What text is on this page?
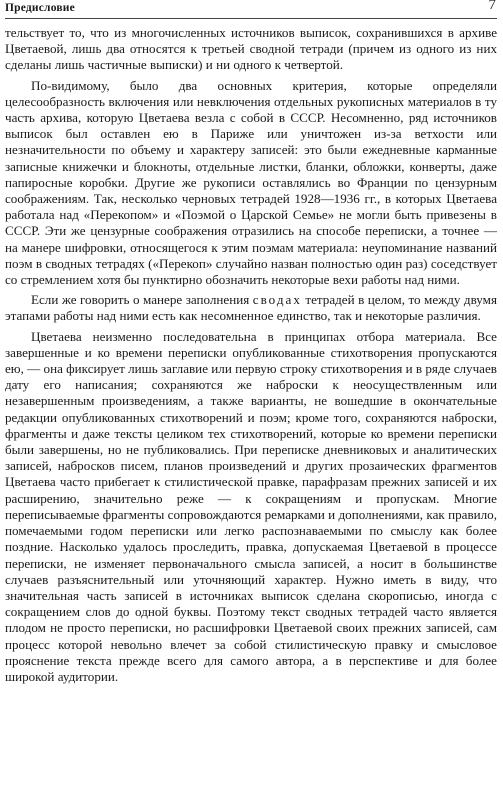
Предисловие	7

тельствует то, что из многочисленных источников выписок, сохранившихся в архиве Цветаевой, лишь два относятся к третьей сводной тетради (причем из одного из них сделаны лишь частичные выписки) и ни одного к четвертой.

По-видимому, было два основных критерия, которые определяли целесообразность включения или невключения отдельных рукописных материалов в ту часть архива, которую Цветаева везла с собой в СССР. Несомненно, ряд источников выписок был оставлен ею в Париже или уничтожен из-за ветхости или незначительности по объему и характеру записей: это были ежедневные карманные записные книжечки и блокноты, отдельные листки, бланки, обложки, конверты, даже папиросные коробки. Другие же рукописи оставлялись во Франции по цензурным соображениям. Так, несколько черновых тетрадей 1928—1936 гг., в которых Цветаева работала над «Перекопом» и «Поэмой о Царской Семье» не могли быть привезены в СССР. Эти же цензурные соображения отразились на способе переписки, а точнее — на манере шифровки, относящегося к этим поэмам материала: неупоминание названий поэм в сводных тетрадях («Перекоп» случайно назван полностью один раз) соседствует со стремлением хотя бы пунктирно обозначить некоторые вехи работы над ними.

Если же говорить о манере заполнения сводах тетрадей в целом, то между двумя этапами работы над ними есть как несомненное единство, так и некоторые различия.

Цветаева неизменно последовательна в принципах отбора материала. Все завершенные и ко времени переписки опубликованные стихотворения пропускаются ею, — она фиксирует лишь заглавие или первую строку стихотворения и в ряде случаев дату его написания; сохраняются же наброски к неосуществленным или незавершенным произведениям, а также варианты, не вошедшие в окончательные редакции опубликованных стихотворений и поэм; кроме того, сохраняются наброски, фрагменты и даже тексты целиком тех стихотворений, которые ко времени переписки были завершены, но не публиковались. При переписке дневниковых и аналитических записей, набросков писем, планов произведений и других прозаических фрагментов Цветаева часто прибегает к стилистической правке, парафразам прежних записей и их расширению, значительно реже — к сокращениям и пропускам. Многие переписываемые фрагменты сопровождаются ремарками и дополнениями, как правило, помечаемыми годом переписки или легко распознаваемыми по смыслу как более поздние. Насколько удалось проследить, правка, допускаемая Цветаевой в процессе переписки, не изменяет первоначального смысла записей, а носит в большинстве случаев разъяснительный или уточняющий характер. Нужно иметь в виду, что значительная часть записей в источниках выписок сделана скорописью, иногда с сокращением слов до одной буквы. Поэтому текст сводных тетрадей часто является плодом не просто переписки, но расшифровки Цветаевой своих прежних записей, сам процесс которой невольно влечет за собой стилистическую правку и смысловое прояснение текста прежде всего для самого автора, а в перспективе и для более широкой аудитории.
